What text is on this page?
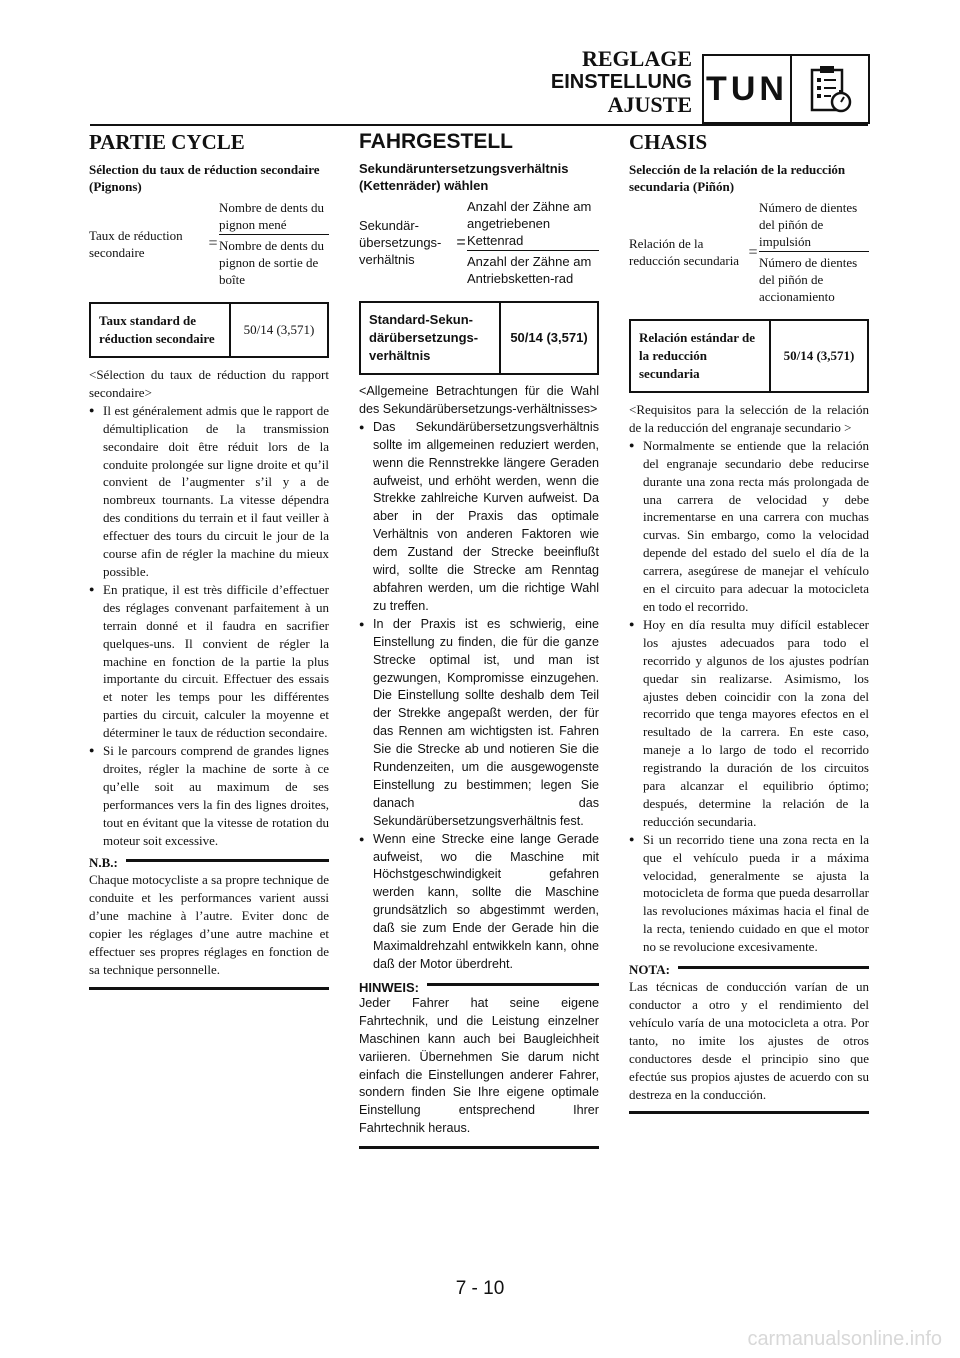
REGLAGE
EINSTELLUNG
AJUSTE TUN
PARTIE CYCLE
Sélection du taux de réduction secondaire (Pignons)
Taux de réduction secondaire	= $\frac{\text{Nombre de dents du pignon mené}}{\text{Nombre de dents du pignon de sortie de boîte}}$
Taux standard de réduction secondaire	50/14 (3,571)
<Sélection du taux de réduction du rapport secondaire>
● Il est généralement admis que le rapport de démultiplication de la transmission secondaire doit être réduit lors de la conduite prolongée sur ligne droite et qu’il convient de l’augmenter s’il y a de nombreux tournants. La vitesse dépendra des conditions du terrain et il faut veiller à effectuer des tours du circuit le jour de la course afin de régler la machine du mieux possible.
● En pratique, il est très difficile d’effectuer des réglages convenant parfaitement à un terrain donné et il faudra en sacrifier quelques-uns. Il convient de régler la machine en fonction de la partie la plus importante du circuit. Effectuer des essais et noter les temps pour les différentes parties du circuit, calculer la moyenne et déterminer le taux de réduction secondaire.
● Si le parcours comprend de grandes lignes droites, régler la machine de sorte à ce qu’elle soit au maximum de ses performances vers la fin des lignes droites, tout en évitant que la vitesse de rotation du moteur soit excessive.
N.B.:
Chaque motocycliste a sa propre technique de conduite et les performances varient aussi d’une machine à l’autre. Eviter donc de copier les réglages d’une autre machine et effectuer ses propres réglages en fonction de sa technique personnelle.
FAHRGESTELL
Sekundäruntersetzungsverhältnis (Kettenräder) wählen
Sekundär-übersetzungs-verhältnis
= $\frac{\text{Anzahl der Zähne am angetriebenen Kettenrad}}{\text{Anzahl der Zähne am Antriebsketten-rad}}$
Standard-Sekun-därübersetzungs-verhältnis	50/14 (3,571)
<Allgemeine Betrachtungen für die Wahl des Sekundärübersetzungs-verhältnisses>
● Das Sekundärübersetzungsverhältnis sollte im allgemeinen reduziert werden, wenn die Rennstrekke längere Geraden aufweist, und erhöht werden, wenn die Strekke zahlreiche Kurven aufweist. Da aber in der Praxis das optimale Verhältnis von anderen Faktoren wie dem Zustand der Strecke beeinflußt wird, sollte die Strecke am Renntag abfahren werden, um die richtige Wahl zu treffen.
● In der Praxis ist es schwierig, eine Einstellung zu finden, die für die ganze Strecke optimal ist, und man ist gezwungen, Kompromisse einzugehen. Die Einstellung sollte deshalb dem Teil der Strekke angepaßt werden, der für das Rennen am wichtigsten ist. Fahren Sie die Strecke ab und notieren Sie die Rundenzeiten, um die ausgewogenste Einstellung zu bestimmen; legen Sie danach das Sekundärübersetzungsverhältnis fest.
● Wenn eine Strecke eine lange Gerade aufweist, wo die Maschine mit Höchstgeschwindigkeit gefahren werden kann, sollte die Maschine grundsätzlich so abgestimmt werden, daß sie zum Ende der Gerade hin die Maximaldrehzahl entwikkeln kann, ohne daß der Motor überdreht.
HINWEIS:
Jeder Fahrer hat seine eigene Fahrtechnik, und die Leistung einzelner Maschinen kann auch bei Baugleichheit variieren. Übernehmen Sie darum nicht einfach die Einstellungen anderer Fahrer, sondern finden Sie Ihre eigene optimale Einstellung entsprechend Ihrer Fahrtechnik heraus.
CHASIS
Selección de la relación de la reducción secundaria (Piñón)
Relación de la reducción secundaria = $\frac{\text{Número de dientes del piñón de impulsión}}{\text{Número de dientes del piñón de accionamiento}}$
Relación estándar de la reducción secundaria	50/14 (3,571)
<Requisitos para la selección de la relación de la reducción del engranaje secundario >
● Normalmente se entiende que la relación del engranaje secundario debe reducirse durante una zona recta más prolongada de una carrera de velocidad y debe incrementarse en una carrera con muchas curvas. Sin embargo, como la velocidad depende del estado del suelo el día de la carrera, asegúrese de manejar el vehículo en el circuito para adecuar la motocicleta en todo el recorrido.
● Hoy en día resulta muy difícil establecer los ajustes adecuados para todo el recorrido y algunos de los ajustes podrían quedar sin realizarse. Asimismo, los ajustes deben coincidir con la zona del recorrido que tenga mayores efectos en el resultado de la carrera. En este caso, maneje a lo largo de todo el recorrido registrando la duración de los circuitos para alcanzar el equilibrio óptimo; después, determine la relación de la reducción secundaria.
● Si un recorrido tiene una zona recta en la que el vehículo pueda ir a máxima velocidad, generalmente se ajusta la motocicleta de forma que pueda desarrollar las revoluciones máximas hacia el final de la recta, teniendo cuidado en que el motor no se revolucione excesivamente.
NOTA:
Las técnicas de conducción varían de un conductor a otro y el rendimiento del vehículo varía de una motocicleta a otra. Por tanto, no imite los ajustes de otros conductores desde el principio sino que efectúe sus propios ajustes de acuerdo con su destreza en la conducción.
7 - 10
carmanualsonline.info
